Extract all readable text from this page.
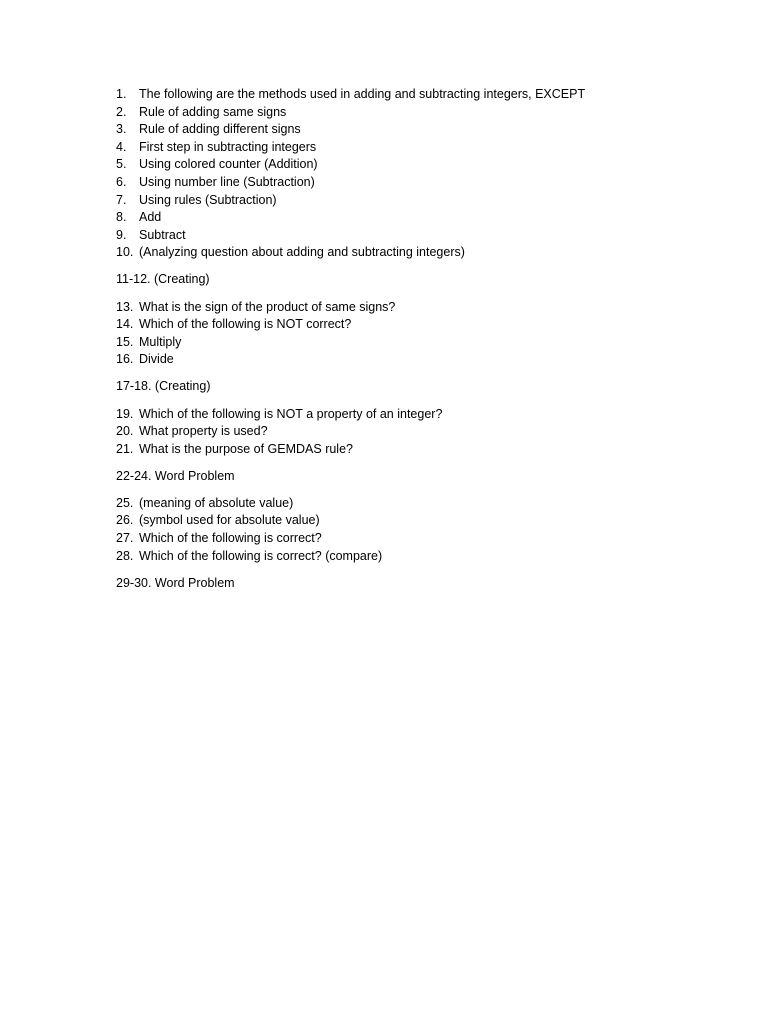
1.	The following are the methods used in adding and subtracting integers, EXCEPT
2.	Rule of adding same signs
3.	Rule of adding different signs
4.	First step in subtracting integers
5.	Using colored counter (Addition)
6.	Using number line (Subtraction)
7.	Using rules (Subtraction)
8.	Add
9.	Subtract
10. (Analyzing question about adding and subtracting integers)
11-12. (Creating)
13. What is the sign of the product of same signs?
14. Which of the following is NOT correct?
15. Multiply
16. Divide
17-18. (Creating)
19. Which of the following is NOT a property of an integer?
20. What property is used?
21. What is the purpose of GEMDAS rule?
22-24. Word Problem
25. (meaning of absolute value)
26. (symbol used for absolute value)
27. Which of the following is correct?
28. Which of the following is correct? (compare)
29-30. Word Problem
